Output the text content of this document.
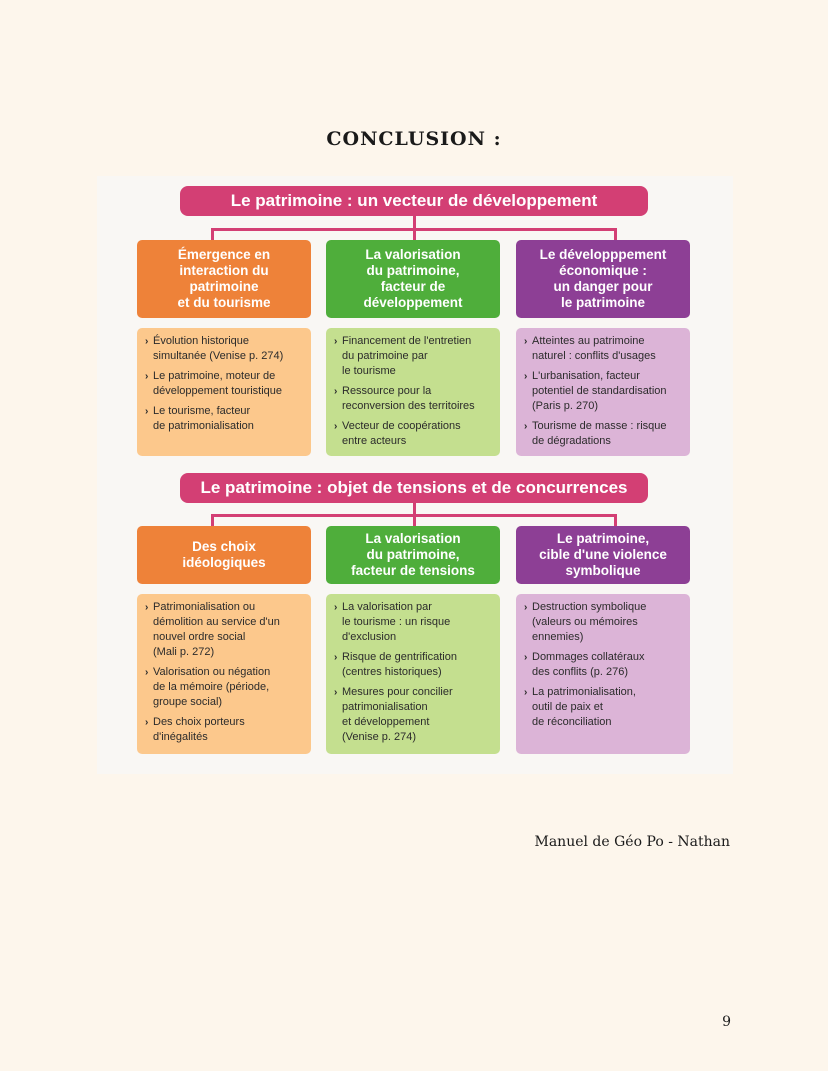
CONCLUSION :
Le patrimoine : un vecteur de développement
Émergence en
interaction du
patrimoine
et du tourisme
La valorisation
du patrimoine,
facteur de
développement
Le développpement
économique :
un danger pour
le patrimoine
› Évolution historique
simultanée (Venise p. 274)
› Le patrimoine, moteur de
développement touristique
› Le tourisme, facteur
de patrimonialisation
› Financement de l'entretien
du patrimoine par
le tourisme
› Ressource pour la
reconversion des territoires
› Vecteur de coopérations
entre acteurs
› Atteintes au patrimoine
naturel : conflits d'usages
› L'urbanisation, facteur
potentiel de standardisation
(Paris p. 270)
› Tourisme de masse : risque
de dégradations
Le patrimoine : objet de tensions et de concurrences
Des choix
idéologiques
La valorisation
du patrimoine,
facteur de tensions
Le patrimoine,
cible d'une violence
symbolique
› Patrimonialisation ou
démolition au service d'un
nouvel ordre social
(Mali p. 272)
› Valorisation ou négation
de la mémoire (période,
groupe social)
› Des choix porteurs
d'inégalités
› La valorisation par
le tourisme : un risque
d'exclusion
› Risque de gentrification
(centres historiques)
› Mesures pour concilier
patrimonialisation
et développement
(Venise p. 274)
› Destruction symbolique
(valeurs ou mémoires
ennemies)
› Dommages collatéraux
des conflits (p. 276)
› La patrimonialisation,
outil de paix et
de réconciliation
Manuel de Géo Po - Nathan
9
